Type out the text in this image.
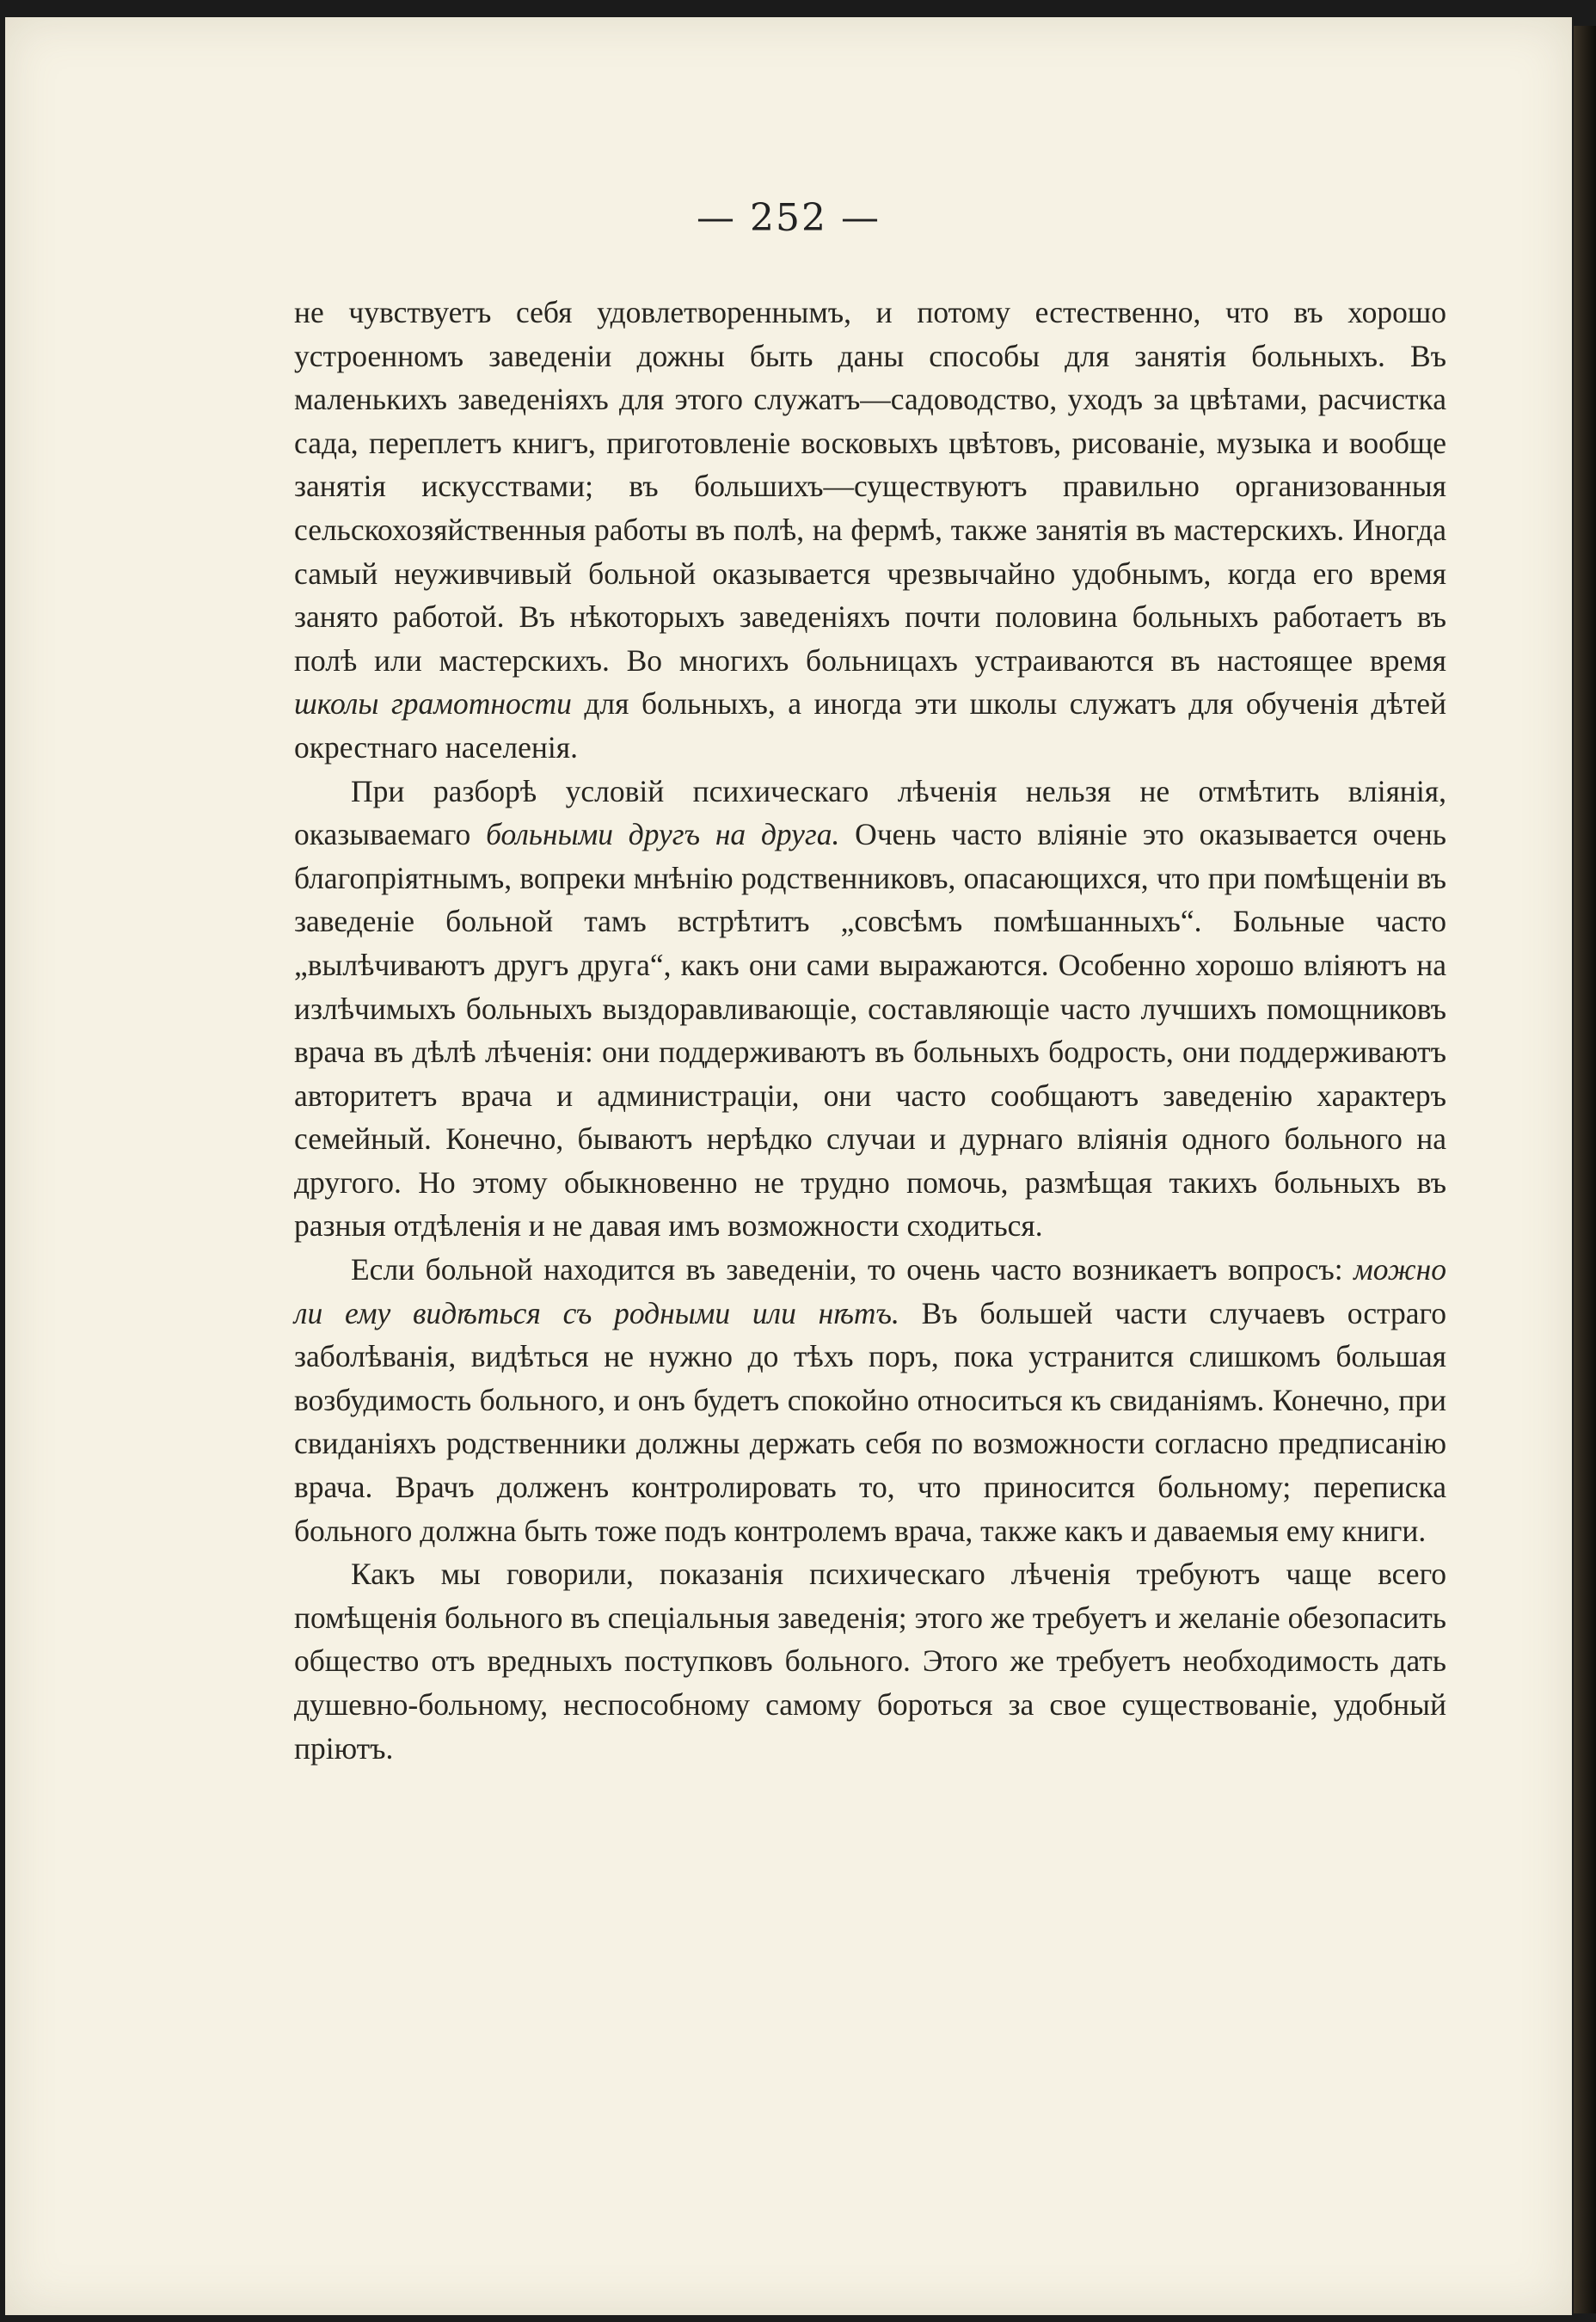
— 252 —

не чувствуетъ себя удовлетвореннымъ, и потому естественно, что въ хорошо устроенномъ заведеніи дожны быть даны способы для занятія больныхъ. Въ маленькихъ заведеніяхъ для этого служатъ—садоводство, уходъ за цвѣтами, расчистка сада, переплетъ книгъ, приготовленіе восковыхъ цвѣтовъ, рисованіе, музыка и вообще занятія искусствами; въ большихъ—существуютъ правильно организованныя сельскохозяйственныя работы въ полѣ, на фермѣ, также занятія въ мастерскихъ. Иногда самый неуживчивый больной оказывается чрезвычайно удобнымъ, когда его время занято работой. Въ нѣкоторыхъ заведеніяхъ почти половина больныхъ работаетъ въ полѣ или мастерскихъ. Во многихъ больницахъ устраиваются въ настоящее время школы грамотности для больныхъ, а иногда эти школы служатъ для обученія дѣтей окрестнаго населенія.

При разборѣ условій психическаго лѣченія нельзя не отмѣтить вліянія, оказываемаго больными другъ на друга. Очень часто вліяніе это оказывается очень благопріятнымъ, вопреки мнѣнію родственниковъ, опасающихся, что при помѣщеніи въ заведеніе больной тамъ встрѣтитъ „совсѣмъ помѣшанныхъ“. Больные часто „вылѣчиваютъ другъ друга“, какъ они сами выражаются. Особенно хорошо вліяютъ на излѣчимыхъ больныхъ выздоравливающіе, составляющіе часто лучшихъ помощниковъ врача въ дѣлѣ лѣченія: они поддерживаютъ въ больныхъ бодрость, они поддерживаютъ авторитетъ врача и администраціи, они часто сообщаютъ заведенію характеръ семейный. Конечно, бываютъ нерѣдко случаи и дурнаго вліянія одного больного на другого. Но этому обыкновенно не трудно помочь, размѣщая такихъ больныхъ въ разныя отдѣленія и не давая имъ возможности сходиться.

Если больной находится въ заведеніи, то очень часто возникаетъ вопросъ: можно ли ему видѣться съ родными или нѣтъ. Въ большей части случаевъ остраго заболѣванія, видѣться не нужно до тѣхъ поръ, пока устранится слишкомъ большая возбудимость больного, и онъ будетъ спокойно относиться къ свиданіямъ. Конечно, при свиданіяхъ родственники должны держать себя по возможности согласно предписанію врача. Врачъ долженъ контролировать то, что приносится больному; переписка больного должна быть тоже подъ контролемъ врача, также какъ и даваемыя ему книги.

Какъ мы говорили, показанія психическаго лѣченія требуютъ чаще всего помѣщенія больного въ спеціальныя заведенія; этого же требуетъ и желаніе обезопасить общество отъ вредныхъ поступковъ больного. Этого же требуетъ необходимость дать душевно-больному, неспособному самому бороться за свое существованіе, удобный пріютъ.
